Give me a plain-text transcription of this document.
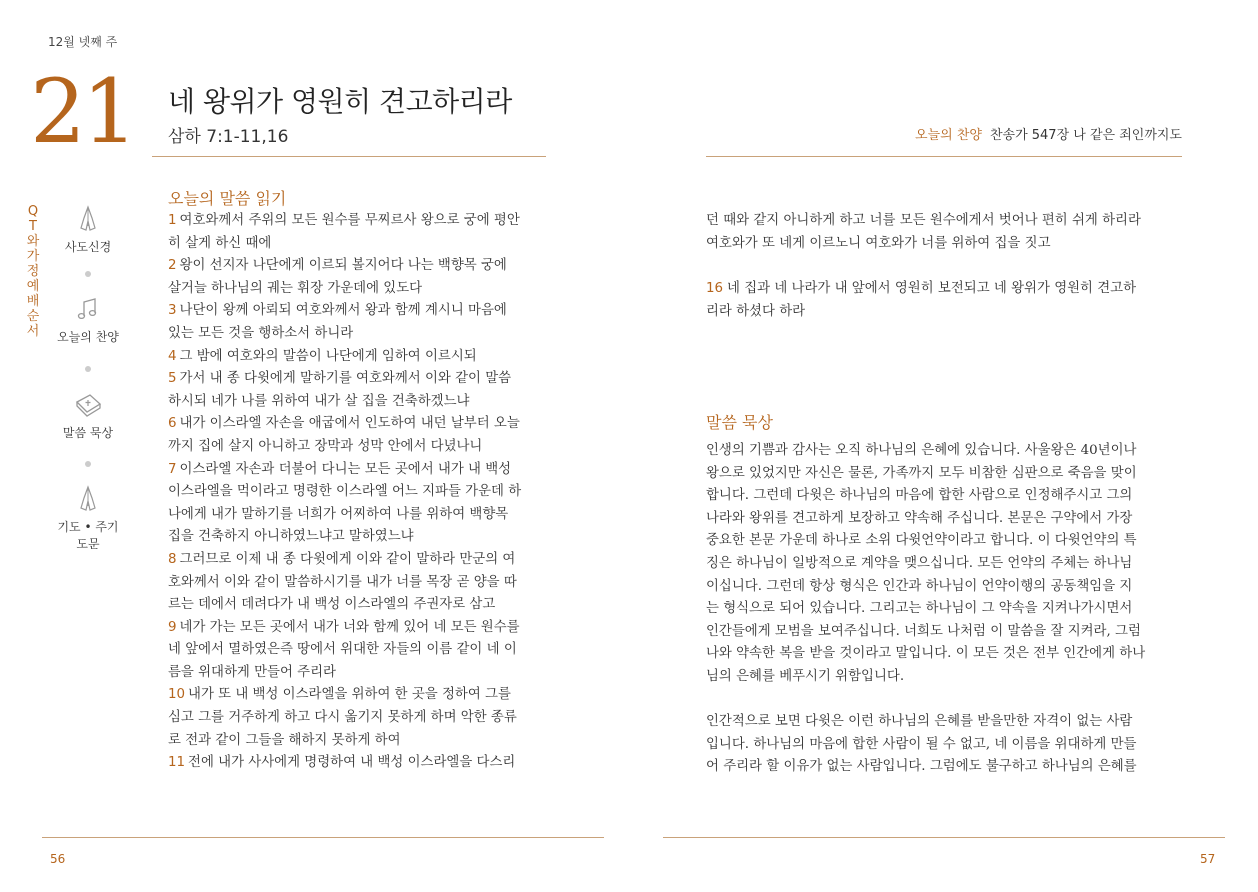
12월 넷째 주
21 네 왕위가 영원히 견고하리라
삼하 7:1-11,16
QT와
가정예배
순서
사도신경
오늘의 찬양
말씀 묵상
기도 • 주기도문
오늘의 말씀 읽기
1 여호와께서 주위의 모든 원수를 무찌르사 왕으로 궁에 평안
히 살게 하신 때에
2 왕이 선지자 나단에게 이르되 볼지어다 나는 백향목 궁에
살거늘 하나님의 궤는 휘장 가운데에 있도다
3 나단이 왕께 아뢰되 여호와께서 왕과 함께 계시니 마음에
있는 모든 것을 행하소서 하니라
4 그 밤에 여호와의 말씀이 나단에게 임하여 이르시되
5 가서 내 종 다윗에게 말하기를 여호와께서 이와 같이 말씀
하시되 네가 나를 위하여 내가 살 집을 건축하겠느냐
6 내가 이스라엘 자손을 애굽에서 인도하여 내던 날부터 오늘
까지 집에 살지 아니하고 장막과 성막 안에서 다녔나니
7 이스라엘 자손과 더불어 다니는 모든 곳에서 내가 내 백성
이스라엘을 먹이라고 명령한 이스라엘 어느 지파들 가운데 하
나에게 내가 말하기를 너희가 어찌하여 나를 위하여 백향목
집을 건축하지 아니하였느냐고 말하였느냐
8 그러므로 이제 내 종 다윗에게 이와 같이 말하라 만군의 여
호와께서 이와 같이 말씀하시기를 내가 너를 목장 곧 양을 따
르는 데에서 데려다가 내 백성 이스라엘의 주권자로 삼고
9 네가 가는 모든 곳에서 내가 너와 함께 있어 네 모든 원수를
네 앞에서 멸하였은즉 땅에서 위대한 자들의 이름 같이 네 이
름을 위대하게 만들어 주리라
10 내가 또 내 백성 이스라엘을 위하여 한 곳을 정하여 그를
심고 그를 거주하게 하고 다시 옮기지 못하게 하며 악한 종류
로 전과 같이 그들을 해하지 못하게 하여
11 전에 내가 사사에게 명령하여 내 백성 이스라엘을 다스리
56
오늘의 찬양 찬송가 547장 나 같은 죄인까지도
던 때와 같지 아니하게 하고 너를 모든 원수에게서 벗어나 편히 쉬게 하리라
여호와가 또 네게 이르노니 여호와가 너를 위하여 집을 짓고
16 네 집과 네 나라가 내 앞에서 영원히 보전되고 네 왕위가 영원히 견고하
리라 하셨다 하라
말씀 묵상
인생의 기쁨과 감사는 오직 하나님의 은혜에 있습니다. 사울왕은 40년이나
왕으로 있었지만 자신은 물론, 가족까지 모두 비참한 심판으로 죽음을 맞이
합니다. 그런데 다윗은 하나님의 마음에 합한 사람으로 인정해주시고 그의
나라와 왕위를 견고하게 보장하고 약속해 주십니다. 본문은 구약에서 가장
중요한 본문 가운데 하나로 소위 다윗언약이라고 합니다. 이 다윗언약의 특
징은 하나님이 일방적으로 계약을 맺으십니다. 모든 언약의 주체는 하나님
이십니다. 그런데 항상 형식은 인간과 하나님이 언약이행의 공동책임을 지
는 형식으로 되어 있습니다. 그리고는 하나님이 그 약속을 지켜나가시면서
인간들에게 모범을 보여주십니다. 너희도 나처럼 이 말씀을 잘 지켜라, 그럼
나와 약속한 복을 받을 것이라고 말입니다. 이 모든 것은 전부 인간에게 하나
님의 은혜를 베푸시기 위함입니다.
인간적으로 보면 다윗은 이런 하나님의 은혜를 받을만한 자격이 없는 사람
입니다. 하나님의 마음에 합한 사람이 될 수 없고, 네 이름을 위대하게 만들
어 주리라 할 이유가 없는 사람입니다. 그럼에도 불구하고 하나님의 은혜를
57
